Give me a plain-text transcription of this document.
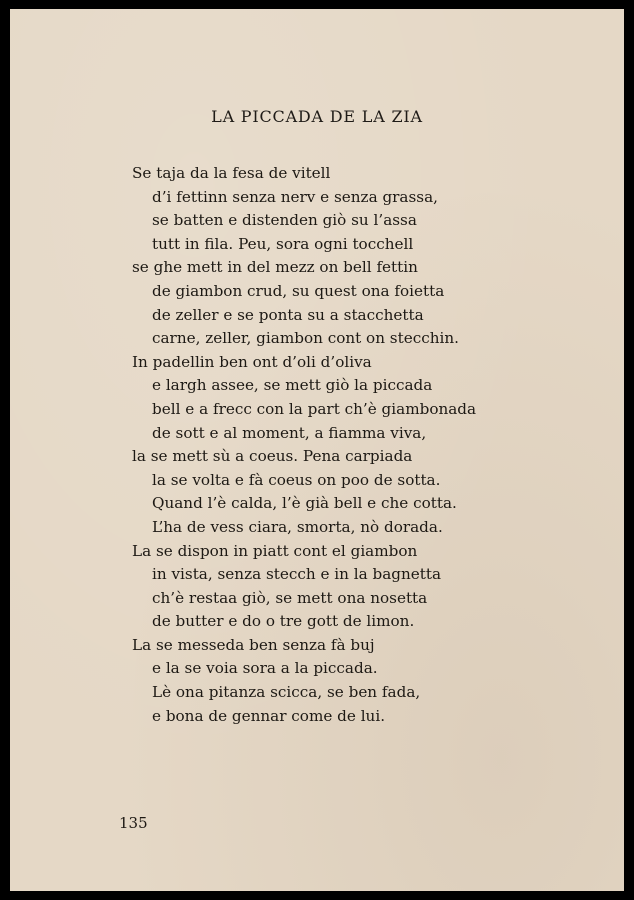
LA PICCADA DE LA ZIA
Se taja da la fesa de vitell
d’i fettinn senza nerv e senza grassa,
se batten e distenden giò su l’assa
tutt in fila. Peu, sora ogni tocchell
se ghe mett in del mezz on bell fettin
de giambon crud, su quest ona foietta
de zeller e se ponta su a stacchetta
carne, zeller, giambon cont on stecchin.
In padellin ben ont d’oli d’oliva
e largh assee, se mett giò la piccada
bell e a frecc con la part ch’è giambonada
de sott e al moment, a fiamma viva,
la se mett sù a coeus. Pena carpiada
la se volta e fà coeus on poo de sotta.
Quand l’è calda, l’è già bell e che cotta.
L’ha de vess ciara, smorta, nò dorada.
La se dispon in piatt cont el giambon
in vista, senza stecch e in la bagnetta
ch’è restaa giò, se mett ona nosetta
de butter e do o tre gott de limon.
La se messeda ben senza fà buj
e la se voia sora a la piccada.
Lè ona pitanza scicca, se ben fada,
e bona de gennar come de lui.
135
